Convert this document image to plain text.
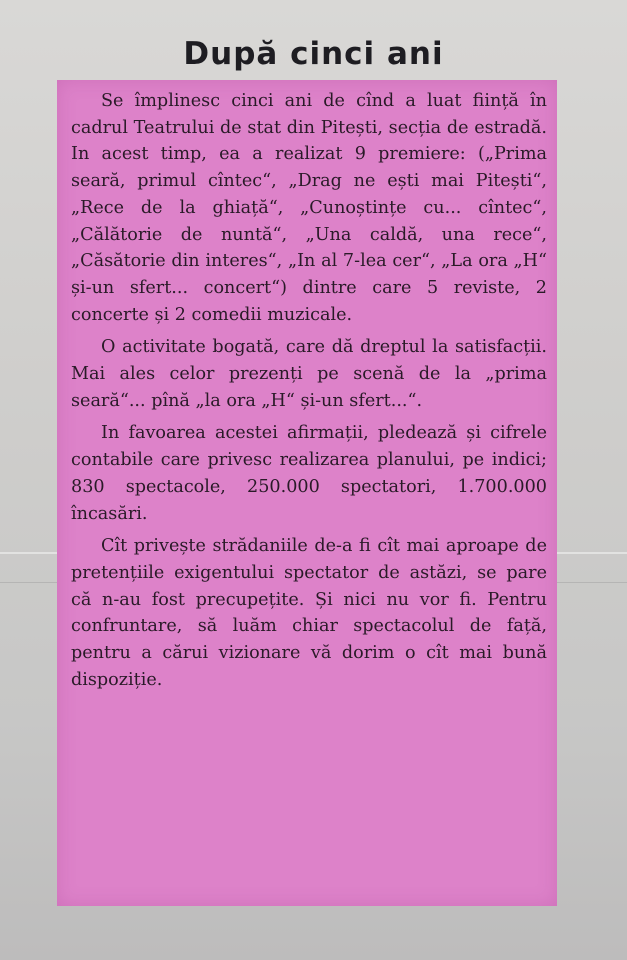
După cinci ani

Se împlinesc cinci ani de cînd a luat ființă în cadrul Teatrului de stat din Pitești, secția de estradă. In acest timp, ea a realizat 9 premiere: („Prima seară, primul cîntec“, „Drag ne ești mai Pitești“, „Rece de la ghiață“, „Cunoștințe cu... cîntec“, „Călătorie de nuntă“, „Una caldă, una rece“, „Căsătorie din interes“, „In al 7-lea cer“, „La ora „H“ și-un sfert... concert“) dintre care 5 reviste, 2 concerte și 2 comedii muzicale.

O activitate bogată, care dă dreptul la satisfacții. Mai ales celor prezenți pe scenă de la „prima seară“... pînă „la ora „H“ și-un sfert...“.

In favoarea acestei afirmații, pledează și cifrele contabile care privesc realizarea planului, pe indici; 830 spectacole, 250.000 spectatori, 1.700.000 încasări.

Cît privește strădaniile de-a fi cît mai aproape de pretențiile exigentului spectator de astăzi, se pare că n-au fost precupețite. Și nici nu vor fi. Pentru confruntare, să luăm chiar spectacolul de față, pentru a cărui vizionare vă dorim o cît mai bună dispoziție.
